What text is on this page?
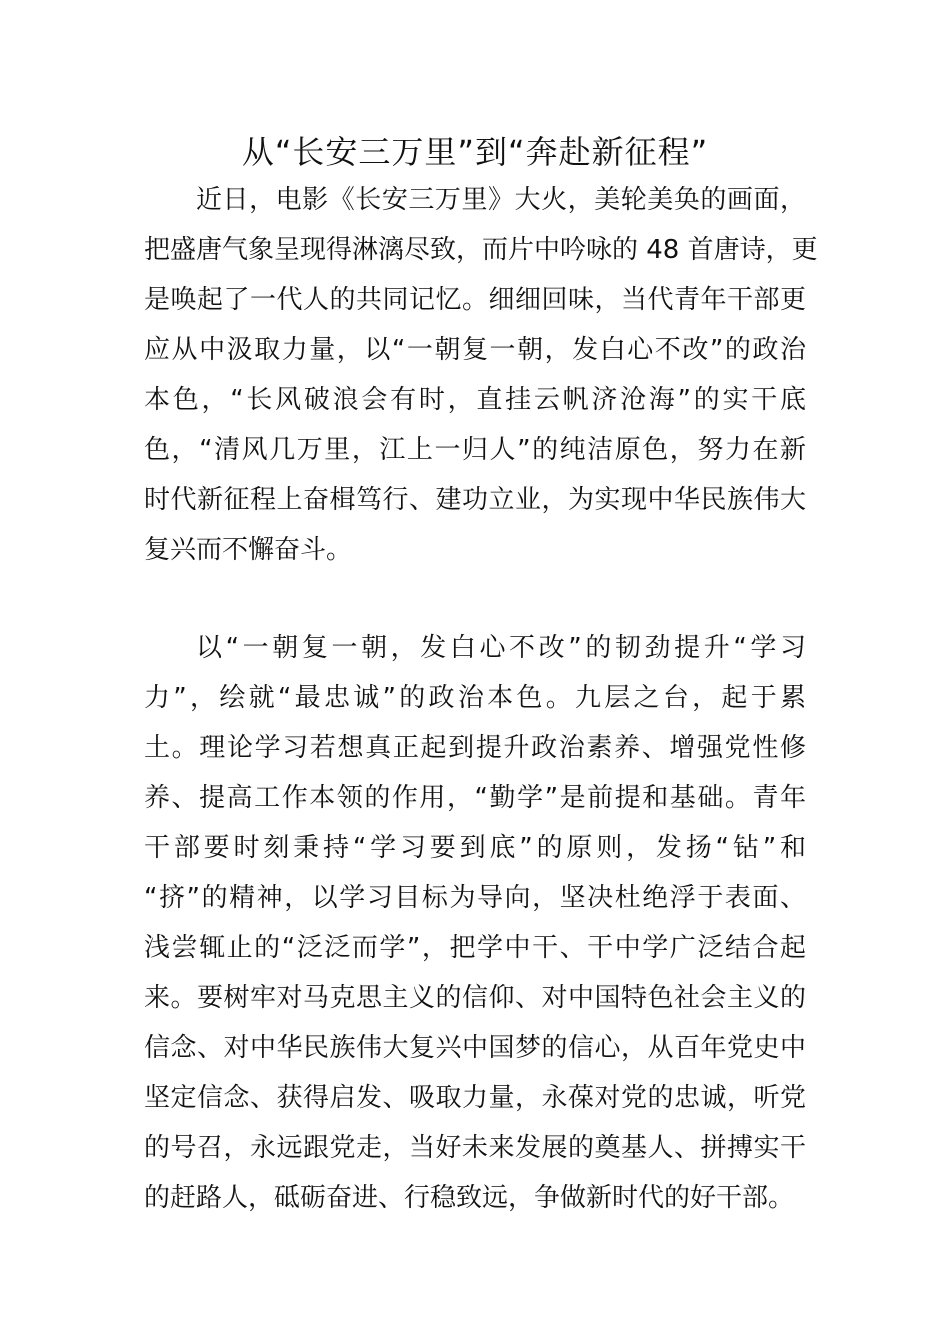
从“长安三万里”到“奔赴新征程”
近日，电影《长安三万里》大火，美轮美奂的画面，
把盛唐气象呈现得淋漓尽致，而片中吟咏的 48 首唐诗，更
是唤起了一代人的共同记忆。细细回味，当代青年干部更
应从中汲取力量，以“一朝复一朝，发白心不改”的政治
本色，“长风破浪会有时，直挂云帆济沧海”的实干底
色，“清风几万里，江上一归人”的纯洁原色，努力在新
时代新征程上奋楫笃行、建功立业，为实现中华民族伟大
复兴而不懈奋斗。
以“一朝复一朝，发白心不改”的韧劲提升“学习
力”，绘就“最忠诚”的政治本色。九层之台，起于累
土。理论学习若想真正起到提升政治素养、增强党性修
养、提高工作本领的作用，“勤学”是前提和基础。青年
干部要时刻秉持“学习要到底”的原则，发扬“钻”和
“挤”的精神，以学习目标为导向，坚决杜绝浮于表面、
浅尝辄止的“泛泛而学”，把学中干、干中学广泛结合起
来。要树牢对马克思主义的信仰、对中国特色社会主义的
信念、对中华民族伟大复兴中国梦的信心，从百年党史中
坚定信念、获得启发、吸取力量，永葆对党的忠诚，听党
的号召，永远跟党走，当好未来发展的奠基人、拼搏实干
的赶路人，砥砺奋进、行稳致远，争做新时代的好干部。
